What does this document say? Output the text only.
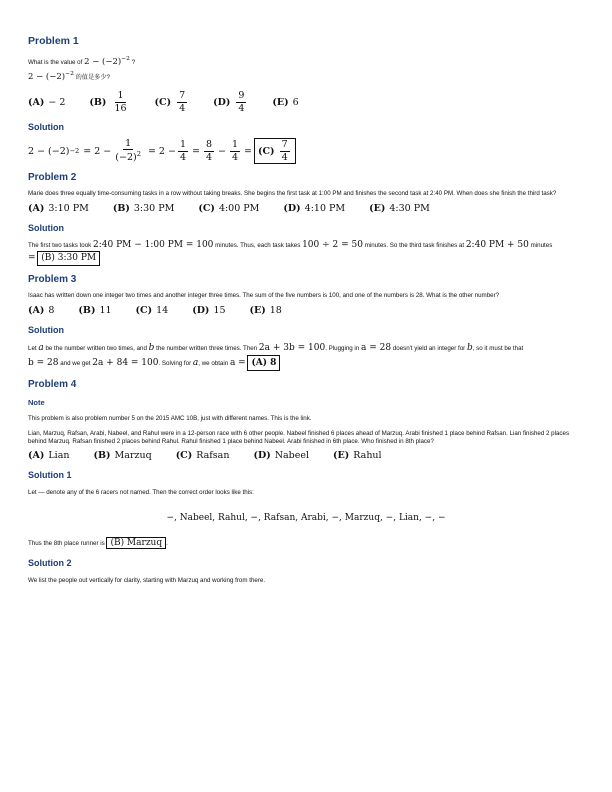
Problem 1

What is the value of $2 - (-2)^{-2}$ ?

$2 - (-2)^{-2}$ 的值是多少?

(A) − 2	$(B) \frac{1}{16}$	$(C) \frac{7}{4}$	$(D) \frac{9}{4}$	(E) 6
Solution
$2 - (-2) -2 = 2 - \frac{1}{(-2)^2} = 2 - \frac{1}{4} = \frac{8}{4} - \frac{1}{4} = (C) \frac{7}{4}$
Problem 2

Marie does three equally time-consuming tasks in a row without taking breaks. She begins the first task at 1:00 PM and finishes the second task at 2:40 PM. When does she finish the third task?

(A) 3:10 PM	(B) 3:30 PM	(C) 4:00 PM	(D) 4:10 PM	(E) 4:30 PM
Solution

The first two tasks took 2:40 PM − 1:00 PM = 100 minutes. Thus, each task takes 100 ÷ 2 = 50 minutes. So the third task finishes at 2:40 PM + 50 minutes
= (B) 3:30 PM

Problem 3

Isaac has written down one integer two times and another integer three times. The sum of the five numbers is 100, and one of the numbers is 28. What is the other number?

(A) 8	(B) 11	(C) 14	(D) 15	(E) 18
Solution

Let a be the number written two times, and b the number written three times. Then 2a + 3b = 100. Plugging in a = 28 doesn't yield an integer for b, so it must be that
b = 28 and we get 2a + 84 = 100. Solving for a, we obtain a = (A) 8

Problem 4
Note

This problem is also problem number 5 on the 2015 AMC 10B, just with different names. This is the link.

Lian, Marzuq, Rafsan, Arabi, Nabeel, and Rahul were in a 12-person race with 6 other people. Nabeel finished 6 places ahead of Marzuq. Arabi finished 1 place behind Rafsan. Lian finished 2 places behind Marzuq. Rafsan finished 2 places behind Rahul. Rahul finished 1 place behind Nabeel. Arabi finished in 6th place. Who finished in 8th place?

(A) Lian	(B) Marzuq	(C) Rafsan	(D) Nabeel	(E) Rahul
Solution 1

Let — denote any of the 6 racers not named. Then the correct order looks like this:

−, Nabeel, Rahul, −, Rafsan, Arabi, −, Marzuq, −, Lian, −, −

Thus the 8th place runner is (B) Marzuq .

Solution 2

We list the people out vertically for clarity, starting with Marzuq and working from there.
